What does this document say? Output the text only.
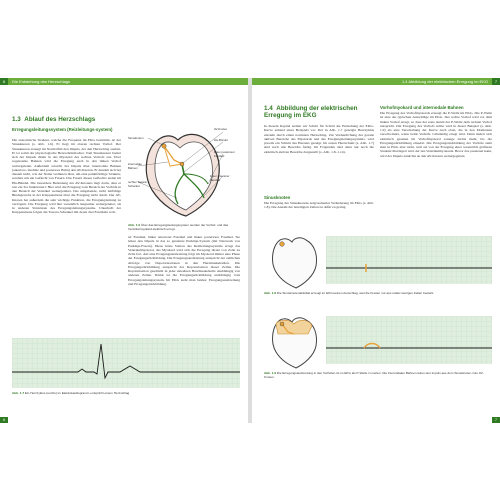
6	Die Entstehung des Herzschlags
1.3 Ablauf des Herzschlags
Erregungsleitungssystem (Reizleitungs-system)
Die anatomische Struktur, welche die Frequenz im EKG bestimmt, ist der Sinusknoten (s. Abb. 1.6). Er liegt im oberen rechten Vorhof. Der Sinusknoten erzeugt im Normalfall den Impuls, der den Herzschlag auslöst. Er ist somit der physiologische Herzschrittmacher. Vom Sinusknoten breitet sich der Impuls direkt in das Myokard des rechten Vorhofs aus. Über sogenannte Bahnen wird die Erregung auch in den linken Vorhof weitergeleitet. Außerdem erreicht der Impuls über internodale Bahnen (anteriore, mediale und posteriore Bahn) den AV-Knoten. Er handelt sich bei diesem nicht, wie der Name vermuten lässt, um eine punktförmige Struktur, sondern um ein Geflecht von Fasern. Das Fasern dieses Geflechts enden im His-Bündel. Die besondere Bedeutung des AV-Knotens liegt darin, dass er wie ein Tor funktioniert: Hier wird die Erregung vom Bereich der Vorhöfe in den Bereich der Ventrikel weitergeleitet. Das umgebende, nicht leitfähige Bindegewebe in der Klappenebene lässt die Erregung nicht durch. Der AV-Knoten hat außerdem die sehr wichtige Funktion, die Erregungsleitung zu verzögern. Die Erregung wird hier wesentlich langsamer weitergeleitet, als in anderen Strukturen des Erregungsleitungssystems. Unterhalb der Klappenebene folgen die Tawara-Schenkel mit deren drei Faszikeln rech-
Sinusknoten
AV-Knoten
His-Bündel
linker posteriorer Faszikel
internodale Bahnen
rechter Tawara-Schenkel
linker anteriorer Faszikel
Abb. 1.6 Über das Erregungsleitungssystem werden der Vorhof- und das Ventrikelmyokard elektrisch erregt.
ter Faszikel, linker anteriorer Faszikel und linker posteriorer Faszikel. Sie leiten den Impuls in das so genannte Purkinje-System (mit Netzwerk von Purkinje-Fasern). Diese letzte Station des Reizleitungssystems erregt das Ventrikelmyokard, das Myokard wird sich die Erregung direkt von Zelle zu Zelle fort. Auf eine Erregungsausbreitung folgt im Myokard immer eine Phase der Erregungsrückbildung. Die Erregungsausbreitung entspricht der zeitlichen Abfolge von Depolarisationen in den Herzmuskelzellen. Die Erregungsrückbildung entspricht der Repolarisation dieser Zellen. Die Repolarisation geschieht in jeder einzelnen Herzmuskelzelle unabhängig von anderen Zellen. Damit ist die Erregungsrückbildung unabhängig vom Erregungsleitungssystem. Im EKG sieht man beides: Erregungsausbreitung und Erregungsrückbildung.
Abb. 1.7 Ein Herzzyklus (rechts) im Elektrokardiogramm entspricht einem Herzschlag
6
1.4 Abbildung der elektrischen Erregung im EKG	7
1.4 Abbildung der elektrischen Erregung im EKG
In diesem Kapitel stellen wir Schritt für Schritt die Entstehung der EKG-Kurve anhand eines Beispiels vor. Der in Abb. 1.7 gezeigte Herzzyklus entsteht durch einen normalen Herzschlag. Zur Verdeutlichung der gerade aktiven Bereiche des Myokards und des Erregungsleitungssystems, wird jeweils ein Schnitt des Herzens gezeigt. Im ersten Herzschnitt (s. Abb. 1.7) sind noch alle Bereiche farbig. Im Folgenden sind dann nur noch die elektrisch aktiven Bereiche dargestellt (s. Abb. 1.8–1.14).
Sinusknoten
Die Erregung des Sinusknotens zeigt keinerlei Veränderung im EKG (s. Abb. 1.8). Die Anzahl der beteiligten Zellen ist dafür zu gering.
Vorhofmyokard und internodale Bahnen
Die Erregung des Vorhofmyokards erzeugt die P-Welle im EKG. Die P-Welle ist eine der typischen Ausschläge im EKG. Der rechte Vorhof wird vor dem linken Vorhof erregt, so dass der erste Anteil der P-Welle dem rechten Vorhof entspricht. Die Erregung des Vorhofs selbst wird in dieser Beispiel (s. Abb. 1.9) als eine Verschaltung der Kurve nach oben, die in den Momenten verschwindet, wenn beide Vorhöfe vollständig erregt sind. Dann ändert sich elektrisch gesehen im Vorhofmyokard solange nichts mehr, bis die Erregungsrückbildung einsetzt. Die Erregungsrückbildung der Vorhöfe sieht man in EKG aber nicht, weil sie von der Erregung einer wesentlich größeren Struktur überlagert wird der des Ventrikelmyokards. Bevor das passieren kann, wird der Impuls zunächst an den AV-Knoten weitergegeben.
Abb. 1.8 Die Sinusknotenaktivität erzeugt im EKG keinen Ausschlag, weil die Kreiten nur aus relativ wenigen Zellen besteht.
Abb. 1.9 Die Erregungsausbreitung in den Vorhöfen ist im EKG als P-Welle zu sehen. Die internodalen Bahnen leiten den Impuls aus dem Sinusknoten zum AV-Knoten.
7
